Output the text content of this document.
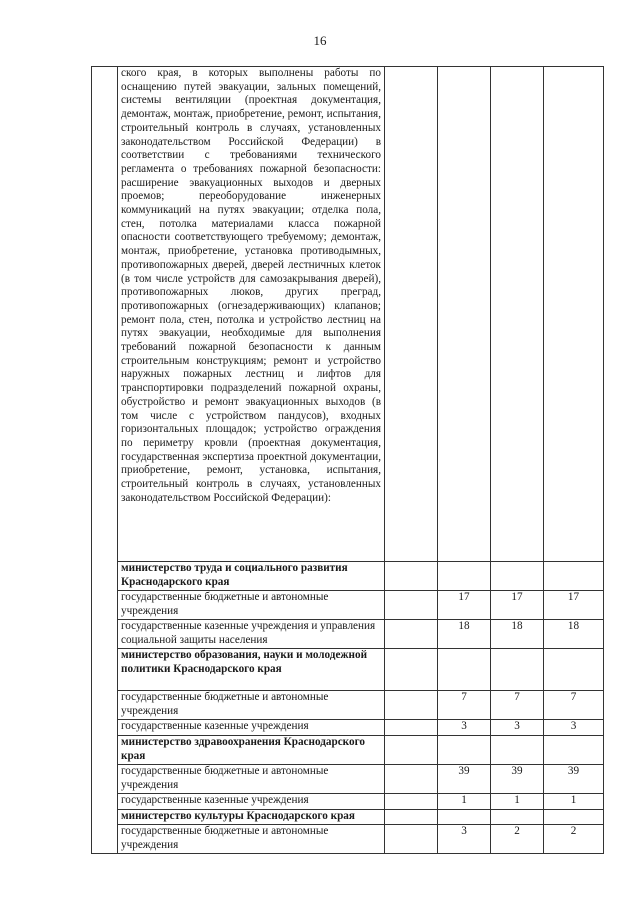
16
	ского края, в которых выполнены работы по оснащению путей эвакуации, зальных помещений, системы вентиляции (проектная документация, демонтаж, монтаж, приобретение, ремонт, испытания, строительный контроль в случаях, установленных законодательством Российской Федерации) в соответствии с требованиями технического регламента о требованиях пожарной безопасности: расширение эвакуационных выходов и дверных проемов; переоборудование инженерных коммуникаций на путях эвакуации; отделка пола, стен, потолка материалами класса пожарной опасности соответствующего требуемому; демонтаж, монтаж, приобретение, установка противодымных, противопожарных дверей, дверей лестничных клеток (в том числе устройств для самозакрывания дверей), противопожарных люков, других преград, противопожарных (огнезадерживающих) клапанов; ремонт пола, стен, потолка и устройство лестниц на путях эвакуации, необходимые для выполнения требований пожарной безопасности к данным строительным конструкциям; ремонт и устройство наружных пожарных лестниц и лифтов для транспортировки подразделений пожарной охраны, обустройство и ремонт эвакуационных выходов (в том числе с устройством пандусов), входных горизонтальных площадок; устройство ограждения по периметру кровли (проектная документация, государственная экспертиза проектной документации, приобретение, ремонт, установка, испытания, строительный контроль в случаях, установленных законодательством Российской Федерации):				
	министерство труда и социального развития Краснодарского края				
	государственные бюджетные и автономные учреждения		17	17	17
	государственные казенные учреждения и управления социальной защиты населения		18	18	18
	министерство образования, науки и молодежной политики Краснодарского края				
	государственные бюджетные и автономные учреждения		7	7	7
	государственные казенные учреждения		3	3	3
	министерство здравоохранения Краснодарского края				
	государственные бюджетные и автономные учреждения		39	39	39
	государственные казенные учреждения		1	1	1
	министерство культуры Краснодарского края				
	государственные бюджетные и автономные учреждения		3	2	2
